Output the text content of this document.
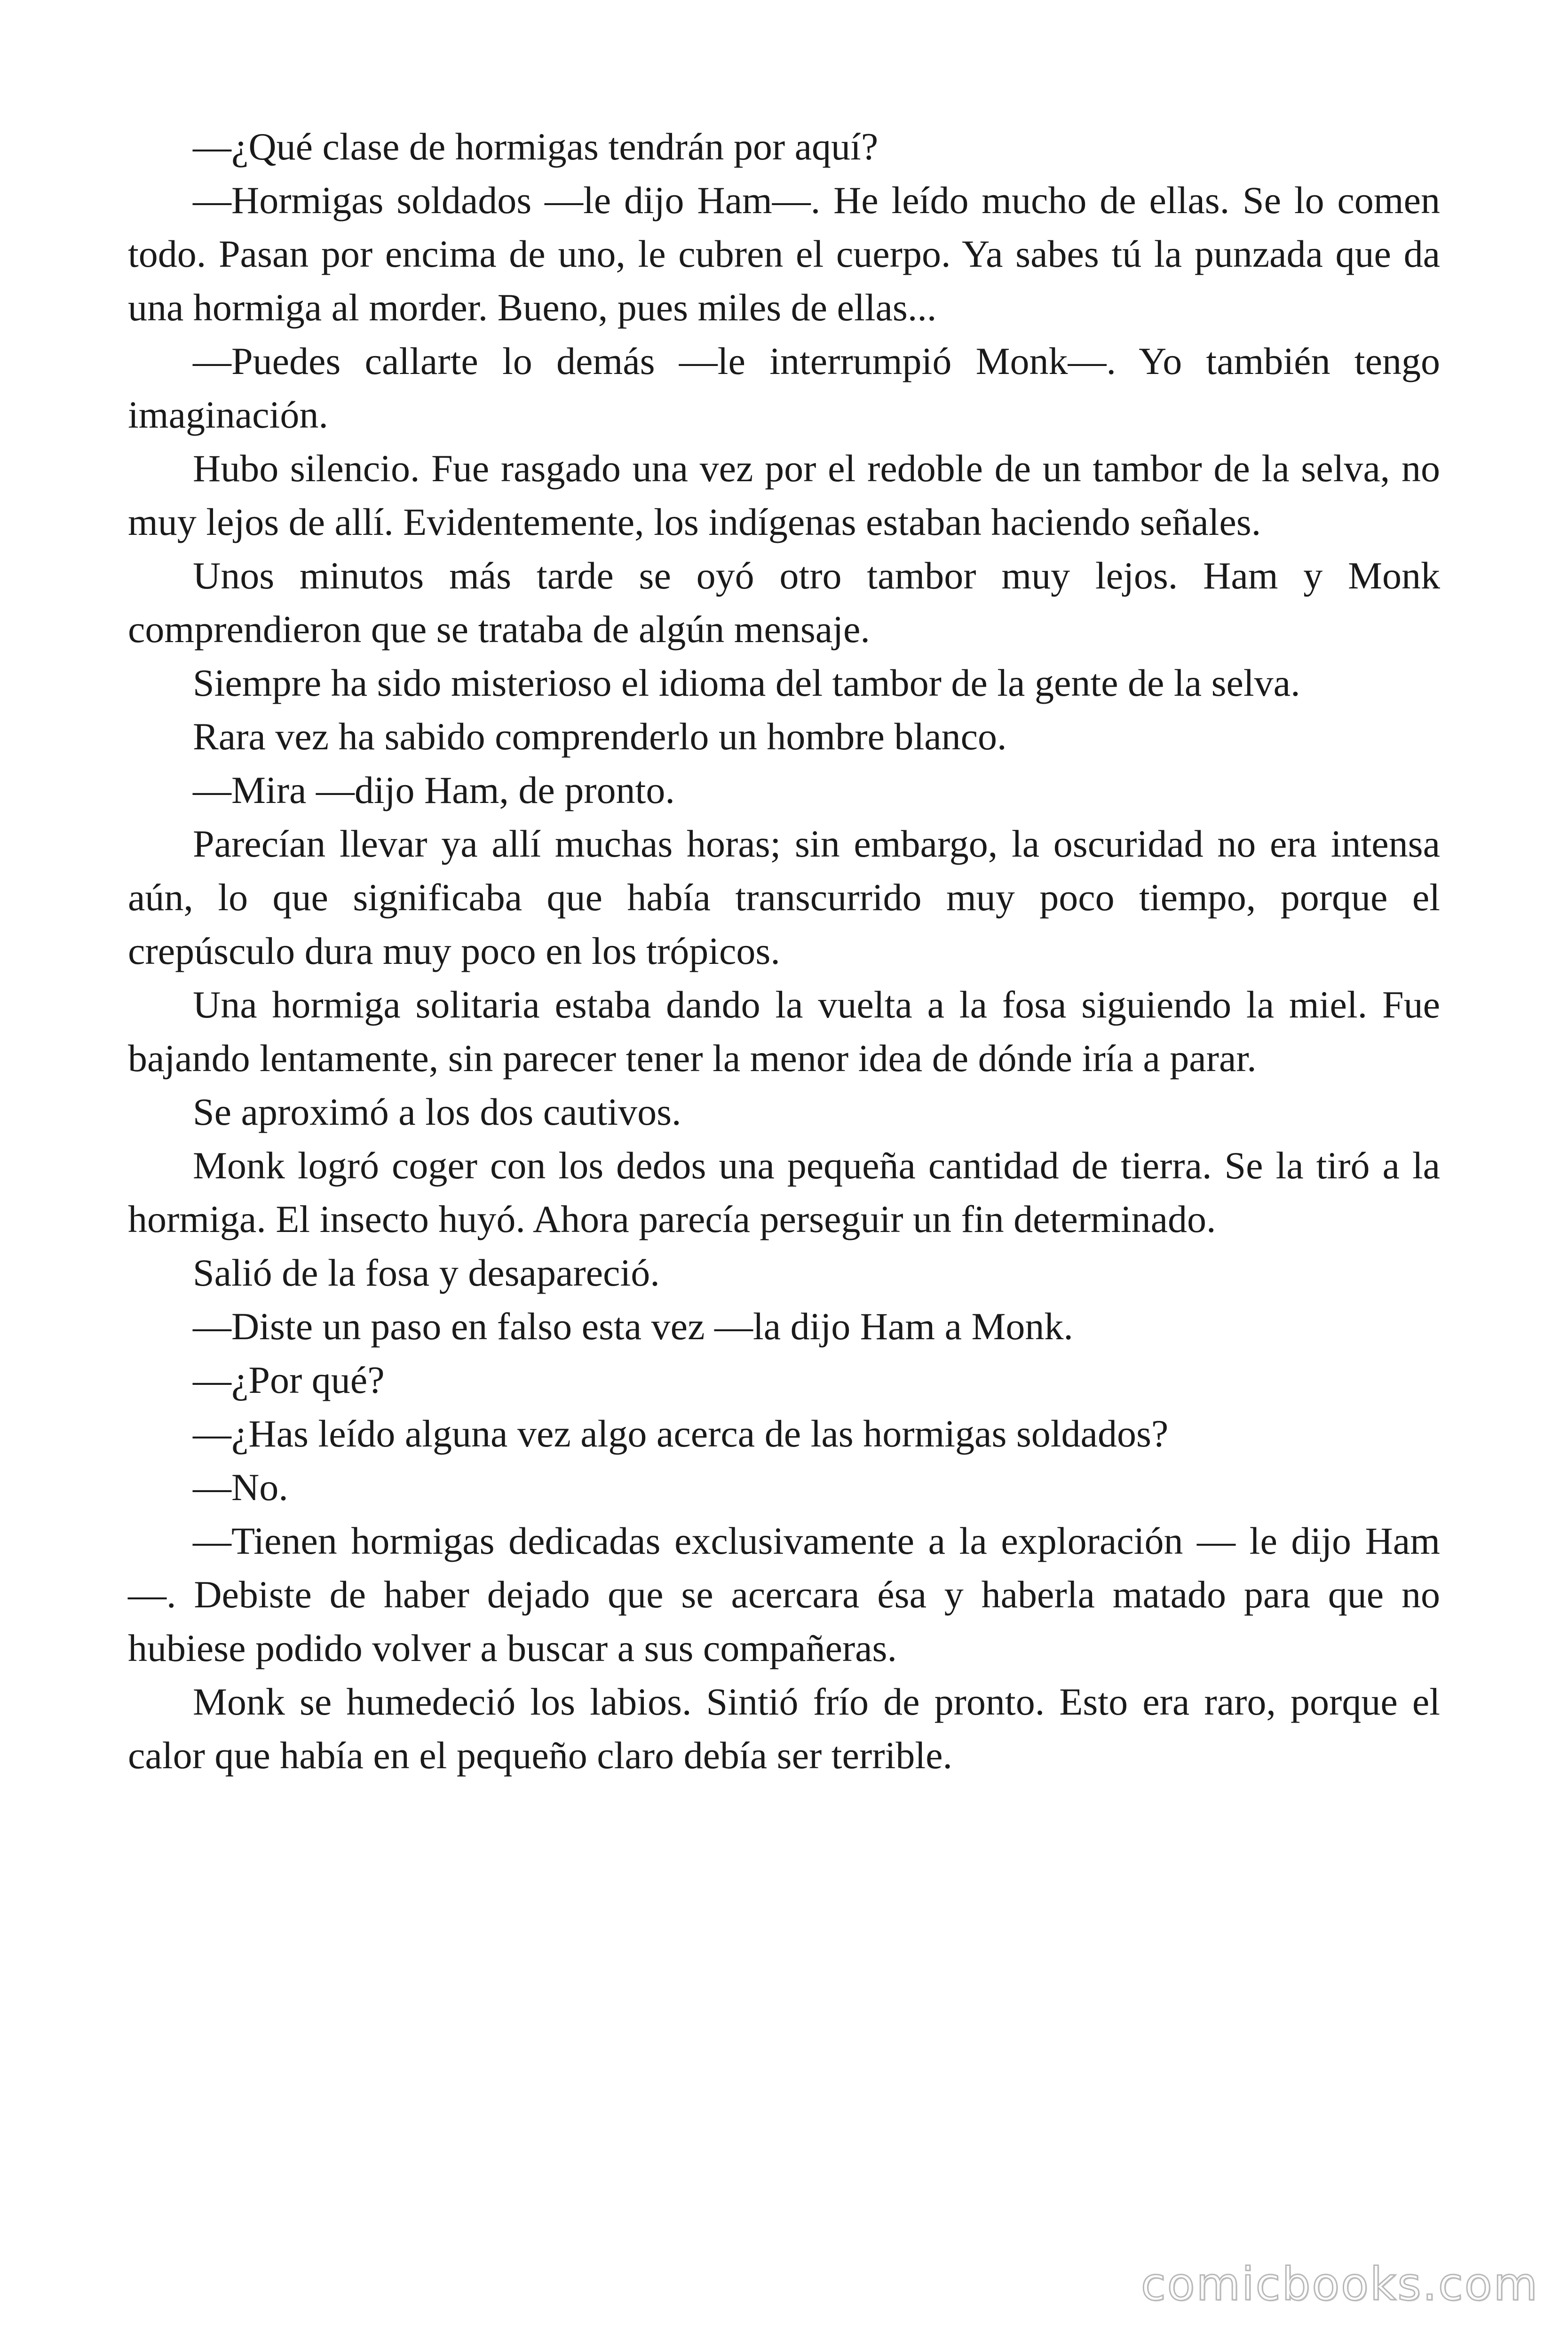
—¿Qué clase de hormigas tendrán por aquí?

—Hormigas soldados —le dijo Ham—. He leído mucho de ellas. Se lo comen todo. Pasan por encima de uno, le cubren el cuerpo. Ya sabes tú la punzada que da una hormiga al morder. Bueno, pues miles de ellas...

—Puedes callarte lo demás —le interrumpió Monk—. Yo también tengo imaginación.

Hubo silencio. Fue rasgado una vez por el redoble de un tambor de la selva, no muy lejos de allí. Evidentemente, los indígenas estaban haciendo señales.

Unos minutos más tarde se oyó otro tambor muy lejos. Ham y Monk comprendieron que se trataba de algún mensaje.

Siempre ha sido misterioso el idioma del tambor de la gente de la selva.

Rara vez ha sabido comprenderlo un hombre blanco.

—Mira —dijo Ham, de pronto.

Parecían llevar ya allí muchas horas; sin embargo, la oscuridad no era intensa aún, lo que significaba que había transcurrido muy poco tiempo, porque el crepúsculo dura muy poco en los trópicos.

Una hormiga solitaria estaba dando la vuelta a la fosa siguiendo la miel. Fue bajando lentamente, sin parecer tener la menor idea de dónde iría a parar.

Se aproximó a los dos cautivos.

Monk logró coger con los dedos una pequeña cantidad de tierra. Se la tiró a la hormiga. El insecto huyó. Ahora parecía perseguir un fin determinado.

Salió de la fosa y desapareció.

—Diste un paso en falso esta vez —la dijo Ham a Monk.

—¿Por qué?

—¿Has leído alguna vez algo acerca de las hormigas soldados?

—No.

—Tienen hormigas dedicadas exclusivamente a la exploración — le dijo Ham—. Debiste de haber dejado que se acercara ésa y haberla matado para que no hubiese podido volver a buscar a sus compañeras.

Monk se humedeció los labios. Sintió frío de pronto. Esto era raro, porque el calor que había en el pequeño claro debía ser terrible.

comicbooks.com
